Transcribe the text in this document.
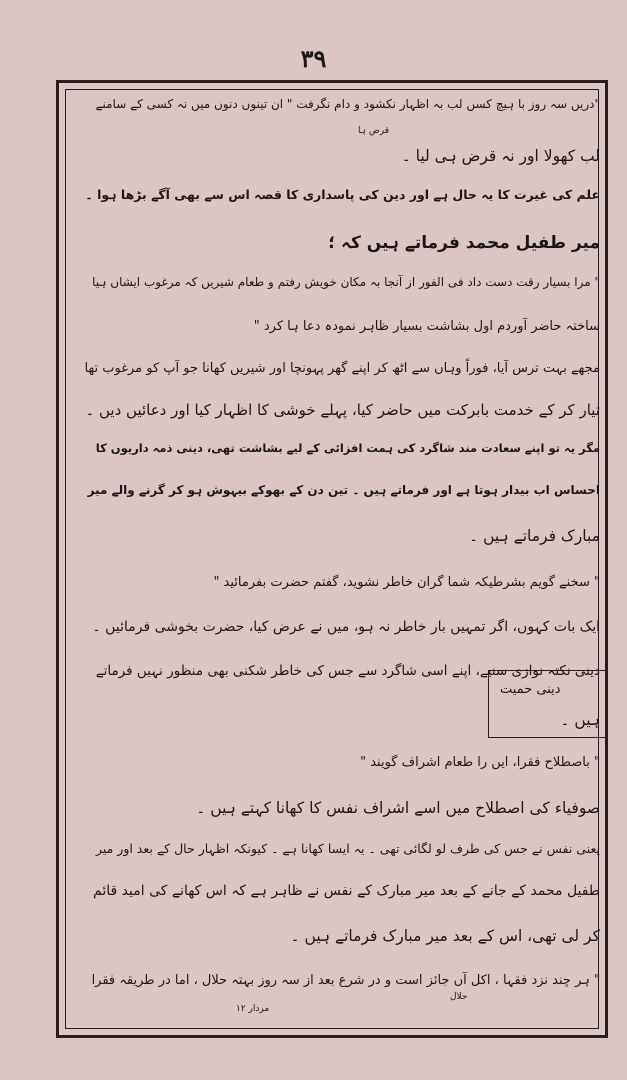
۳۹
دینی حمیت
"دریں سہ روز با ہیچ کسں لب بہ اظہار نکشود و دام نگرفت " ان تینوں دنوں میں نہ کسی کے سامنے
لب کھولا اور نہ قرض ہی لیا ۔
علم کی غیرت کا یہ حال ہے اور دین کی پاسداری کا قصہ اس سے بھی آگے بڑھا ہوا ۔
میر طفیل محمد فرماتے ہیں کہ ؛
" مرا بسیار رقت دست داد فی الفور از آنجا بہ مکان خویش رفتم و طعام شیریں کہ مرغوب ایشاں ہیا
ساختہ حاضر آوردم اول بشاشت بسیار ظاہر نمودہ دعا ہا کرد "
مجھے بہت ترس آیا، فوراً وہاں سے اٹھ کر اپنے گھر پہونچا اور شیریں کھانا جو آپ کو مرغوب تھا
تیار کر کے خدمت بابرکت میں حاضر کیا، پہلے خوشی کا اظہار کیا اور دعائیں دیں ۔
مگر یہ تو اپنے سعادت مند شاگرد کی ہمت افزائی کے لیے بشاشت تھی، دینی ذمہ داریوں کا
احساس اب بیدار ہوتا ہے اور فرماتے ہیں ۔ تین دن کے بھوکے بیہوش ہو کر گرنے والے میر
مبارک فرماتے ہیں ۔
" سخنے گویم بشرطیکہ شما گران خاطر نشوید، گفتم حضرت بفرمائید "
ایک بات کہوں، اگر تمہیں بار خاطر نہ ہو، میں نے عرض کیا، حضرت بخوشی فرمائیں ۔
دینی نکتہ نوازی سنیے، اپنے اسی شاگرد سے جس کی خاطر شکنی بھی منظور نہیں فرماتے
ہیں ۔
" باصطلاح فقرا، ایں را طعام اشراف گویند "
صوفیاء کی اصطلاح میں اسے اشراف نفس کا کھانا کہتے ہیں ۔
یعنی نفس نے جس کی طرف لو لگائی تھی ۔ یہ ایسا کھانا ہے ۔ کیونکہ اظہار حال کے بعد اور میر
طفیل محمد کے جانے کے بعد میر مبارک کے نفس نے ظاہر ہے کہ اس کھانے کی امید قائم
کر لی تھی، اس کے بعد میر مبارک فرماتے ہیں ۔
" ہر چند نزد فقہا ، اکل آں جائز است و در شرع بعد از سہ روز بہتہ حلال ، اما در طریقہ فقرا
قرض ہا
حلال
مردار ۱۲
